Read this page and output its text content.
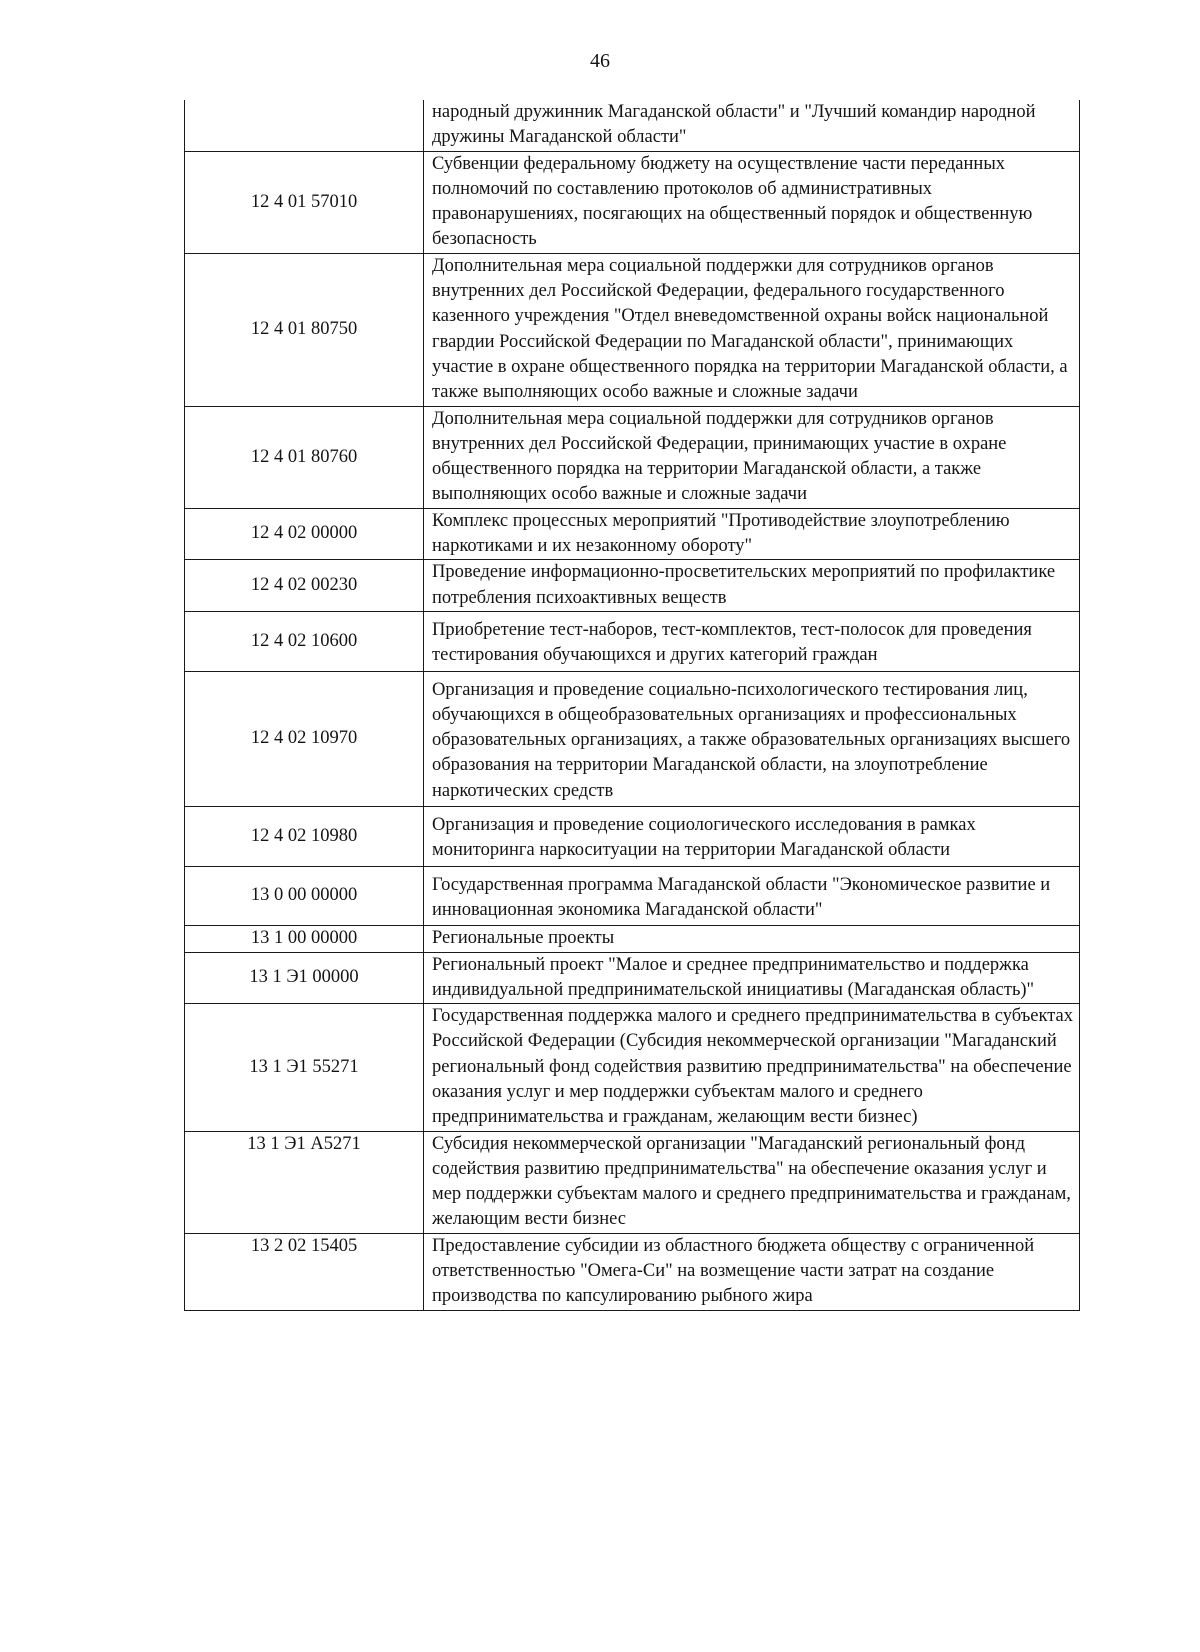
46
	народный дружинник Магаданской области" и "Лучший командир народной дружины Магаданской области"
12 4 01 57010	Субвенции федеральному бюджету на осуществление части переданных полномочий по составлению протоколов об административных правонарушениях, посягающих на общественный порядок и общественную безопасность
12 4 01 80750	Дополнительная мера социальной поддержки для сотрудников органов внутренних дел Российской Федерации, федерального государственного казенного учреждения "Отдел вневедомственной охраны войск национальной гвардии Российской Федерации по Магаданской области", принимающих участие в охране общественного порядка на территории Магаданской области, а также выполняющих особо важные и сложные задачи
12 4 01 80760	Дополнительная мера социальной поддержки для сотрудников органов внутренних дел Российской Федерации, принимающих участие в охране общественного порядка на территории Магаданской области, а также выполняющих особо важные и сложные задачи
12 4 02 00000	Комплекс процессных мероприятий "Противодействие злоупотреблению наркотиками и их незаконному обороту"
12 4 02 00230	Проведение информационно-просветительских мероприятий по профилактике потребления психоактивных веществ
12 4 02 10600	Приобретение тест-наборов, тест-комплектов, тест-полосок для проведения тестирования обучающихся и других категорий граждан
12 4 02 10970	Организация и проведение социально-психологического тестирования лиц, обучающихся в общеобразовательных организациях и профессиональных образовательных организациях, а также образовательных организациях высшего образования на территории Магаданской области, на злоупотребление наркотических средств
12 4 02 10980	Организация и проведение социологического исследования в рамках мониторинга наркоситуации на территории Магаданской области
13 0 00 00000	Государственная программа Магаданской области "Экономическое развитие и инновационная экономика Магаданской области"
13 1 00 00000	Региональные проекты
13 1 Э1 00000	Региональный проект "Малое и среднее предпринимательство и поддержка индивидуальной предпринимательской инициативы (Магаданская область)"
13 1 Э1 55271	Государственная поддержка малого и среднего предпринимательства в субъектах Российской Федерации (Субсидия некоммерческой организации "Магаданский региональный фонд содействия развитию предпринимательства" на обеспечение оказания услуг и мер поддержки субъектам малого и среднего предпринимательства и гражданам, желающим вести бизнес)
13 1 Э1 А5271	Субсидия некоммерческой организации "Магаданский региональный фонд содействия развитию предпринимательства" на обеспечение оказания услуг и мер поддержки субъектам малого и среднего предпринимательства и гражданам, желающим вести бизнес
13 2 02 15405	Предоставление субсидии из областного бюджета обществу с ограниченной ответственностью "Омега-Си" на возмещение части затрат на создание производства по капсулированию рыбного жира
